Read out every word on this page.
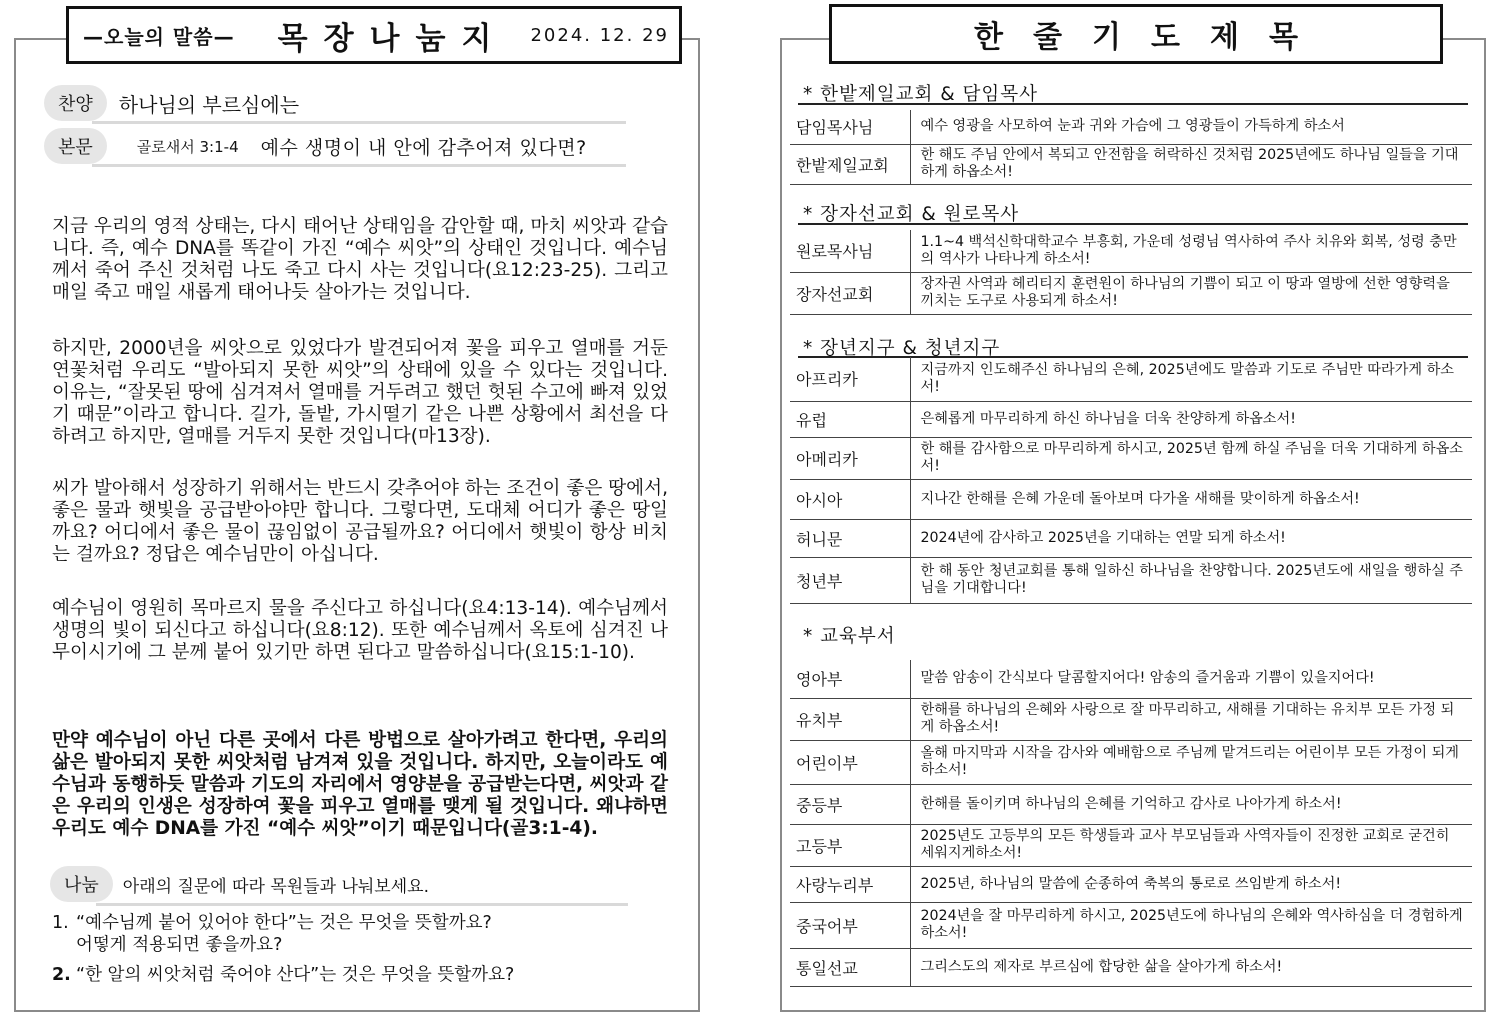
—오늘의 말씀— 목장나눔지 2024. 12. 29
찬양	하나님의 부르심에는
본문	골로새서 3:1-4 예수 생명이 내 안에 감추어져 있다면?

지금 우리의 영적 상태는, 다시 태어난 상태임을 감안할 때, 마치 씨앗과 같습니다. 즉, 예수 DNA를 똑같이 가진 “예수 씨앗”의 상태인 것입니다. 예수님께서 죽어 주신 것처럼 나도 죽고 다시 사는 것입니다(요12:23-25). 그리고 매일 죽고 매일 새롭게 태어나듯 살아가는 것입니다.

하지만, 2000년을 씨앗으로 있었다가 발견되어져 꽃을 피우고 열매를 거둔 연꽃처럼 우리도 “발아되지 못한 씨앗”의 상태에 있을 수 있다는 것입니다. 이유는, “잘못된 땅에 심겨져서 열매를 거두려고 했던 헛된 수고에 빠져 있었기 때문”이라고 합니다. 길가, 돌밭, 가시떨기 같은 나쁜 상황에서 최선을 다하려고 하지만, 열매를 거두지 못한 것입니다(마13장).

씨가 발아해서 성장하기 위해서는 반드시 갖추어야 하는 조건이 좋은 땅에서, 좋은 물과 햇빛을 공급받아야만 합니다. 그렇다면, 도대체 어디가 좋은 땅일까요? 어디에서 좋은 물이 끊임없이 공급될까요? 어디에서 햇빛이 항상 비치는 걸까요? 정답은 예수님만이 아십니다.

예수님이 영원히 목마르지 물을 주신다고 하십니다(요4:13-14). 예수님께서 생명의 빛이 되신다고 하십니다(요8:12). 또한 예수님께서 옥토에 심겨진 나무이시기에 그 분께 붙어 있기만 하면 된다고 말씀하십니다(요15:1-10).

만약 예수님이 아닌 다른 곳에서 다른 방법으로 살아가려고 한다면, 우리의 삶은 발아되지 못한 씨앗처럼 남겨져 있을 것입니다. 하지만, 오늘이라도 예수님과 동행하듯 말씀과 기도의 자리에서 영양분을 공급받는다면, 씨앗과 같은 우리의 인생은 성장하여 꽃을 피우고 열매를 맺게 될 것입니다. 왜냐하면 우리도 예수 DNA를 가진 “예수 씨앗”이기 때문입니다(골3:1-4).

나눔	아래의 질문에 따라 목원들과 나눠보세요.
1. “예수님께 붙어 있어야 한다”는 것은 무엇을 뜻할까요?
어떻게 적용되면 좋을까요?
2. “한 알의 씨앗처럼 죽어야 산다”는 것은 무엇을 뜻할까요?
한줄기도제목
* 한밭제일교회 & 담임목사
담임목사님	예수 영광을 사모하여 눈과 귀와 가슴에 그 영광들이 가득하게 하소서
한밭제일교회	한 해도 주님 안에서 복되고 안전함을 허락하신 것처럼 2025년에도 하나님 일들을 기대하게 하옵소서!
* 장자선교회 & 원로목사
원로목사님	1.1~4 백석신학대학교수 부흥회, 가운데 성령님 역사하여 주사 치유와 회복, 성령 충만의 역사가 나타나게 하소서!
장자선교회	장자권 사역과 헤리티지 훈련원이 하나님의 기쁨이 되고 이 땅과 열방에 선한 영향력을 끼치는 도구로 사용되게 하소서!
* 장년지구 & 청년지구
아프리카	지금까지 인도해주신 하나님의 은혜, 2025년에도 말씀과 기도로 주님만 따라가게 하소서!
유럽	은혜롭게 마무리하게 하신 하나님을 더욱 찬양하게 하옵소서!
아메리카	한 해를 감사함으로 마무리하게 하시고, 2025년 함께 하실 주님을 더욱 기대하게 하옵소서!
아시아	지나간 한해를 은혜 가운데 돌아보며 다가올 새해를 맞이하게 하옵소서!
허니문	2024년에 감사하고 2025년을 기대하는 연말 되게 하소서!
청년부	한 해 동안 청년교회를 통해 일하신 하나님을 찬양합니다. 2025년도에 새일을 행하실 주님을 기대합니다!
* 교육부서
영아부	말씀 암송이 간식보다 달콤할지어다! 암송의 즐거움과 기쁨이 있을지어다!
유치부	한해를 하나님의 은혜와 사랑으로 잘 마무리하고, 새해를 기대하는 유치부 모든 가정 되게 하옵소서!
어린이부	올해 마지막과 시작을 감사와 예배함으로 주님께 맡겨드리는 어린이부 모든 가정이 되게 하소서!
중등부	한해를 돌이키며 하나님의 은혜를 기억하고 감사로 나아가게 하소서!
고등부	2025년도 고등부의 모든 학생들과 교사 부모님들과 사역자들이 진정한 교회로 굳건히 세워지게하소서!
사랑누리부	2025년, 하나님의 말씀에 순종하여 축복의 통로로 쓰임받게 하소서!
중국어부	2024년을 잘 마무리하게 하시고, 2025년도에 하나님의 은혜와 역사하심을 더 경험하게 하소서!
통일선교	그리스도의 제자로 부르심에 합당한 삶을 살아가게 하소서!
